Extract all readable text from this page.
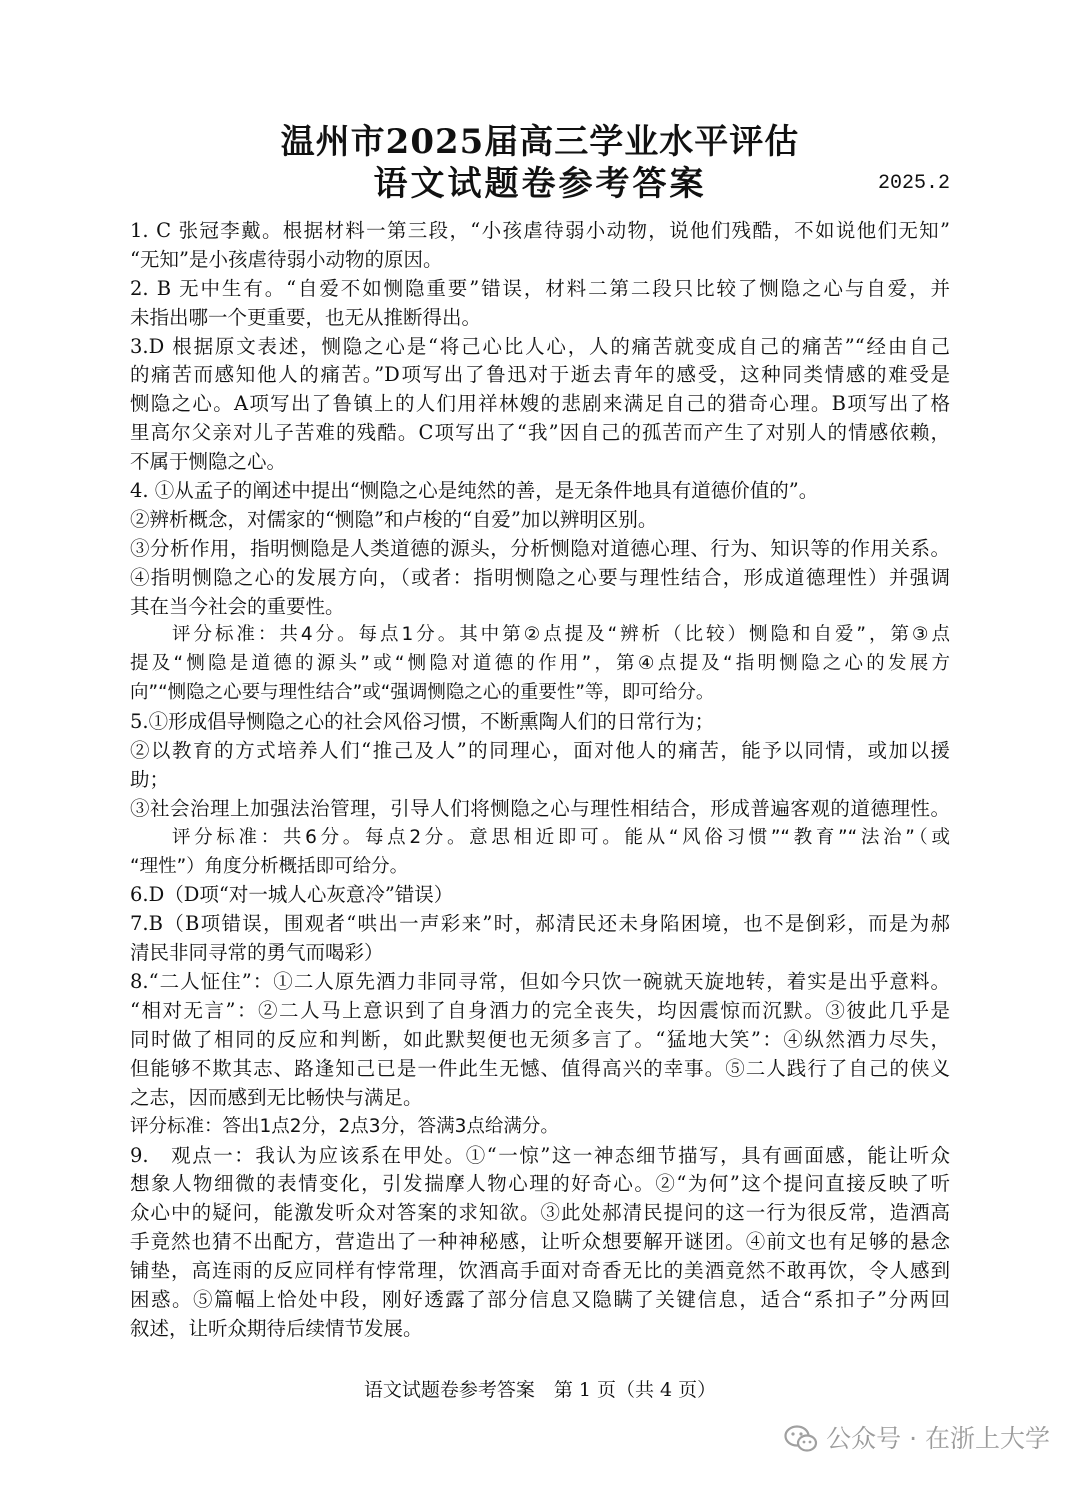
温州市2025届高三学业水平评估
语文试题卷参考答案	2025.2
1. C 张冠李戴。根据材料一第三段，“小孩虐待弱小动物，说他们残酷，不如说他们无知”
“无知”是小孩虐待弱小动物的原因。
2. B 无中生有。“自爱不如恻隐重要”错误，材料二第二段只比较了恻隐之心与自爱，并
未指出哪一个更重要，也无从推断得出。
3.D 根据原文表述，恻隐之心是“将己心比人心，人的痛苦就变成自己的痛苦”“经由自己
的痛苦而感知他人的痛苦。”D项写出了鲁迅对于逝去青年的感受，这种同类情感的难受是
恻隐之心。A项写出了鲁镇上的人们用祥林嫂的悲剧来满足自己的猎奇心理。B项写出了格
里高尔父亲对儿子苦难的残酷。C项写出了“我”因自己的孤苦而产生了对别人的情感依赖，
不属于恻隐之心。
4. ①从孟子的阐述中提出“恻隐之心是纯然的善，是无条件地具有道德价值的”。
②辨析概念，对儒家的“恻隐”和卢梭的“自爱”加以辨明区别。
③分析作用，指明恻隐是人类道德的源头，分析恻隐对道德心理、行为、知识等的作用关系。
④指明恻隐之心的发展方向，（或者：指明恻隐之心要与理性结合，形成道德理性）并强调
其在当今社会的重要性。
评分标准：共4分。每点1分。其中第②点提及“辨析（比较）恻隐和自爱”，第③点
提及“恻隐是道德的源头”或“恻隐对道德的作用”，第④点提及“指明恻隐之心的发展方
向”“恻隐之心要与理性结合”或“强调恻隐之心的重要性”等，即可给分。
5.①形成倡导恻隐之心的社会风俗习惯，不断熏陶人们的日常行为；
②以教育的方式培养人们“推己及人”的同理心，面对他人的痛苦，能予以同情，或加以援
助；
③社会治理上加强法治管理，引导人们将恻隐之心与理性相结合，形成普遍客观的道德理性。
评分标准：共6分。每点2分。意思相近即可。能从“风俗习惯”“教育”“法治”（或
“理性”）角度分析概括即可给分。
6.D（D项“对一城人心灰意冷”错误）
7.B（B项错误，围观者“哄出一声彩来”时，郝清民还未身陷困境，也不是倒彩，而是为郝
清民非同寻常的勇气而喝彩）
8.“二人怔住”：①二人原先酒力非同寻常，但如今只饮一碗就天旋地转，着实是出乎意料。
“相对无言”：②二人马上意识到了自身酒力的完全丧失，均因震惊而沉默。③彼此几乎是
同时做了相同的反应和判断，如此默契便也无须多言了。“猛地大笑”：④纵然酒力尽失，
但能够不欺其志、路逢知己已是一件此生无憾、值得高兴的幸事。⑤二人践行了自己的侠义
之志，因而感到无比畅快与满足。
评分标准：答出1点2分，2点3分，答满3点给满分。
9.　观点一：我认为应该系在甲处。①“一惊”这一神态细节描写，具有画面感，能让听众
想象人物细微的表情变化，引发揣摩人物心理的好奇心。②“为何”这个提问直接反映了听
众心中的疑问，能激发听众对答案的求知欲。③此处郝清民提问的这一行为很反常，造酒高
手竟然也猜不出配方，营造出了一种神秘感，让听众想要解开谜团。④前文也有足够的悬念
铺垫，高连雨的反应同样有悖常理，饮酒高手面对奇香无比的美酒竟然不敢再饮，令人感到
困惑。⑤篇幅上恰处中段，刚好透露了部分信息又隐瞒了关键信息，适合“系扣子”分两回
叙述，让听众期待后续情节发展。
语文试题卷参考答案　第 1 页（共 4 页）
公众号 · 在浙上大学
